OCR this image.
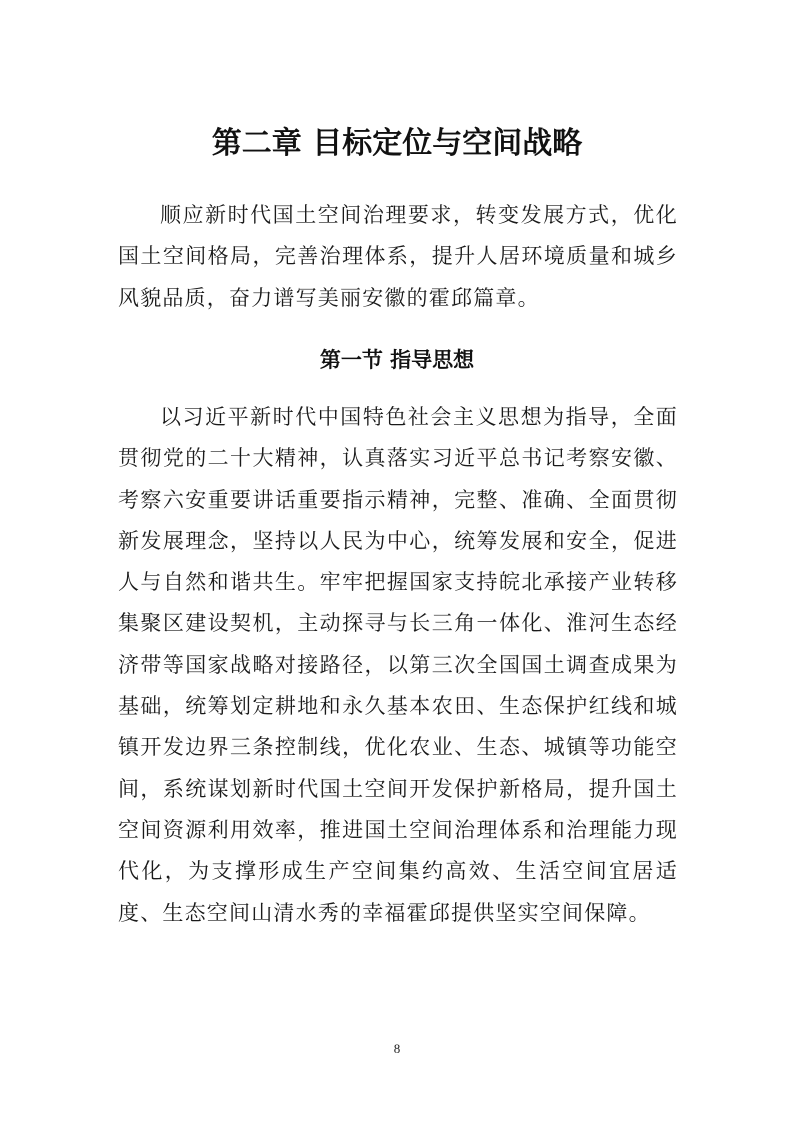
第二章 目标定位与空间战略

顺应新时代国土空间治理要求，转变发展方式，优化国土空间格局，完善治理体系，提升人居环境质量和城乡风貌品质，奋力谱写美丽安徽的霍邱篇章。

第一节 指导思想

以习近平新时代中国特色社会主义思想为指导，全面贯彻党的二十大精神，认真落实习近平总书记考察安徽、考察六安重要讲话重要指示精神，完整、准确、全面贯彻新发展理念，坚持以人民为中心，统筹发展和安全，促进人与自然和谐共生。牢牢把握国家支持皖北承接产业转移集聚区建设契机，主动探寻与长三角一体化、淮河生态经济带等国家战略对接路径，以第三次全国国土调查成果为基础，统筹划定耕地和永久基本农田、生态保护红线和城镇开发边界三条控制线，优化农业、生态、城镇等功能空间，系统谋划新时代国土空间开发保护新格局，提升国土空间资源利用效率，推进国土空间治理体系和治理能力现代化，为支撑形成生产空间集约高效、生活空间宜居适度、生态空间山清水秀的幸福霍邱提供坚实空间保障。

8
